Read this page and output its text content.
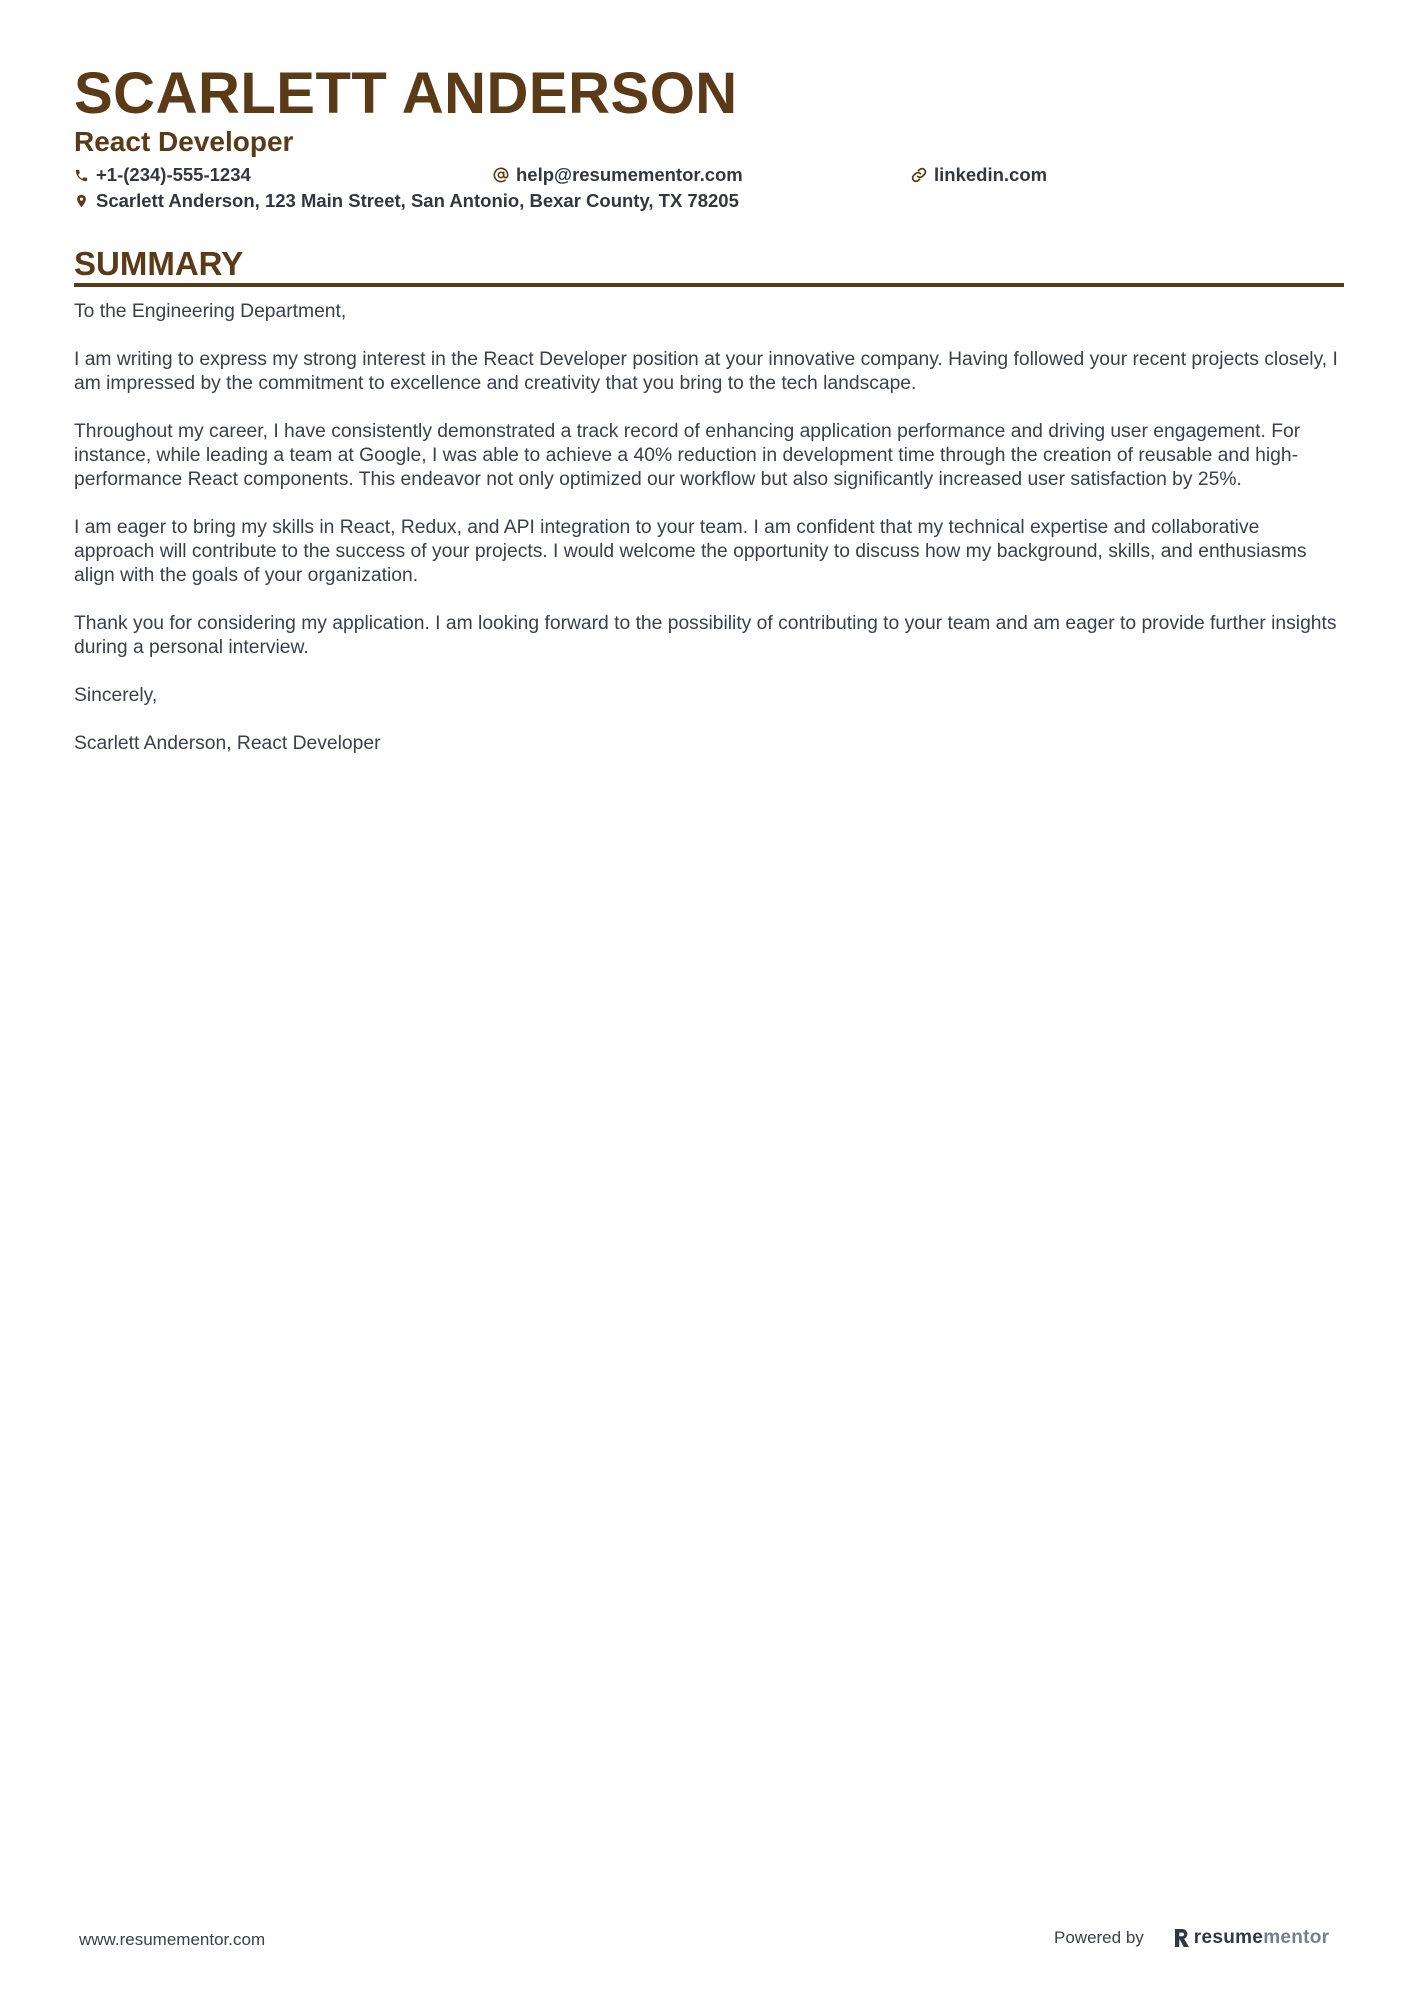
SCARLETT ANDERSON
React Developer
+1-(234)-555-1234	help@resumementor.com	linkedin.com
Scarlett Anderson, 123 Main Street, San Antonio, Bexar County, TX 78205
SUMMARY

To the Engineering Department,

I am writing to express my strong interest in the React Developer position at your innovative company. Having followed your recent projects closely, I am impressed by the commitment to excellence and creativity that you bring to the tech landscape.

Throughout my career, I have consistently demonstrated a track record of enhancing application performance and driving user engagement. For instance, while leading a team at Google, I was able to achieve a 40% reduction in development time through the creation of reusable and high-performance React components. This endeavor not only optimized our workflow but also significantly increased user satisfaction by 25%.

I am eager to bring my skills in React, Redux, and API integration to your team. I am confident that my technical expertise and collaborative approach will contribute to the success of your projects. I would welcome the opportunity to discuss how my background, skills, and enthusiasms align with the goals of your organization.

Thank you for considering my application. I am looking forward to the possibility of contributing to your team and am eager to provide further insights during a personal interview.

Sincerely,

Scarlett Anderson, React Developer

www.resumementor.com	Powered by	resume mentor
